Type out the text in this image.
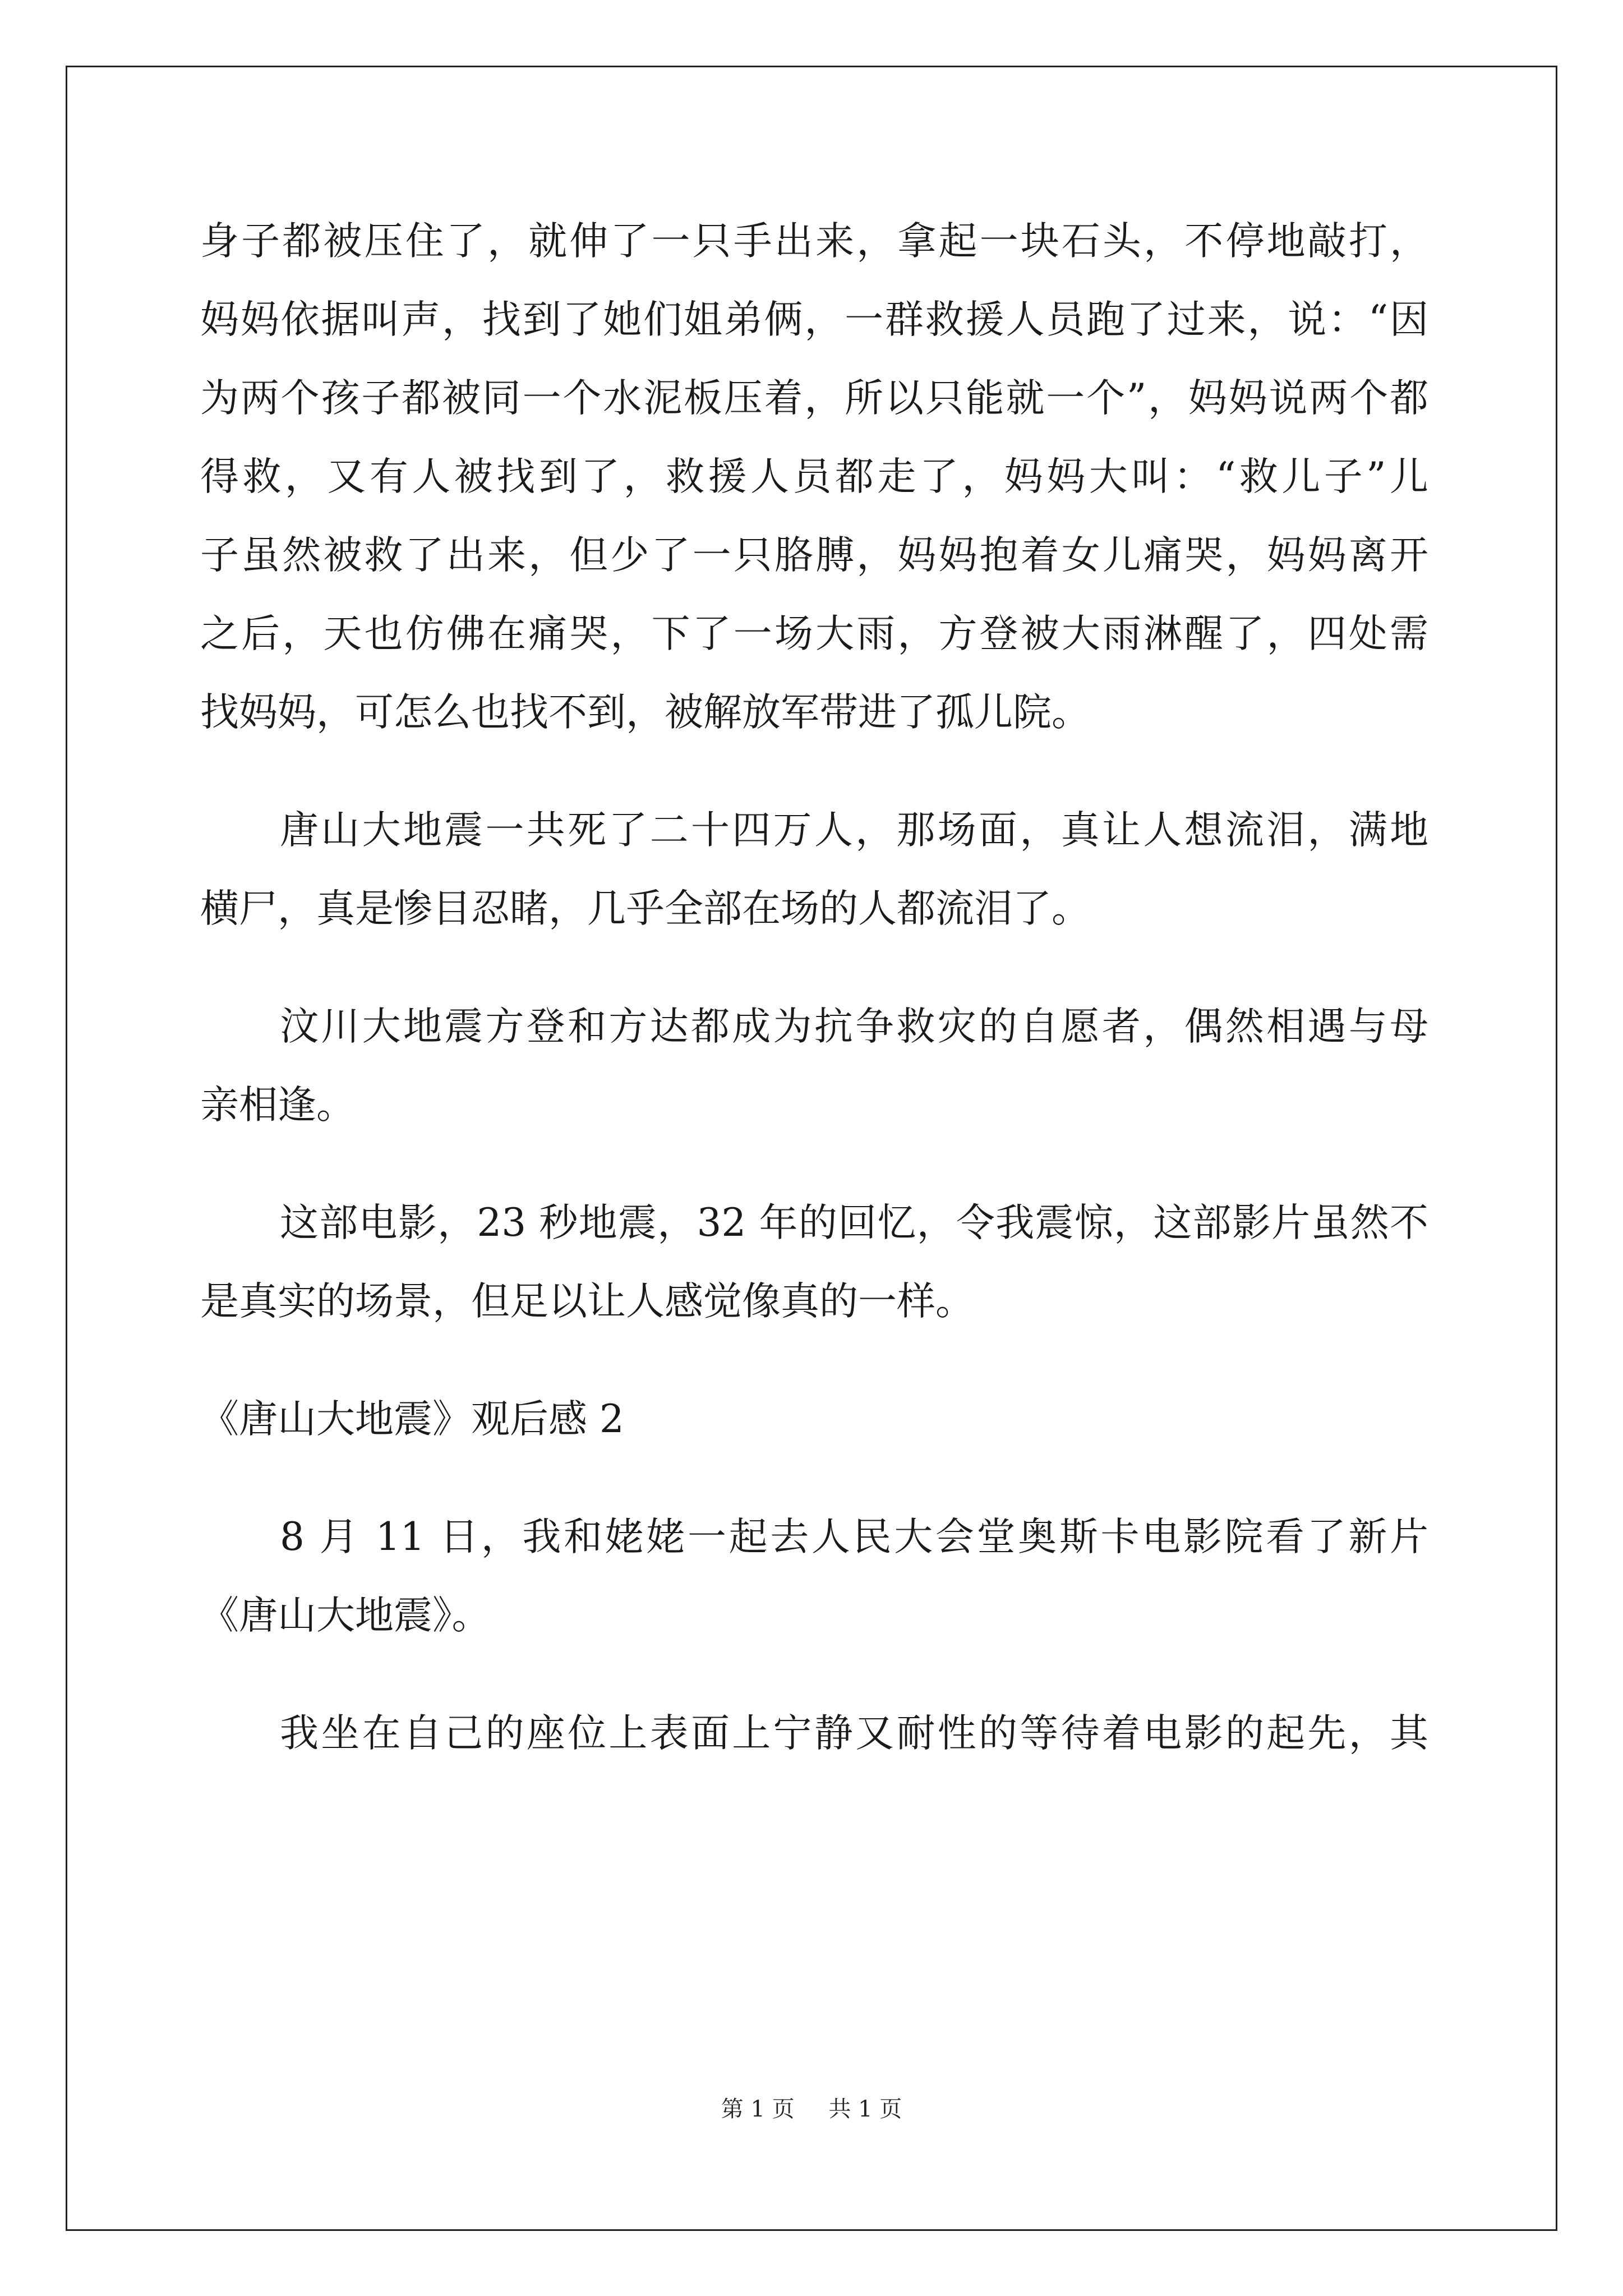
身子都被压住了，就伸了一只手出来，拿起一块石头，不停地敲打，
妈妈依据叫声，找到了她们姐弟俩，一群救援人员跑了过来，说：“因
为两个孩子都被同一个水泥板压着，所以只能就一个”，妈妈说两个都
得救，又有人被找到了，救援人员都走了，妈妈大叫：“救儿子”儿
子虽然被救了出来，但少了一只胳膊，妈妈抱着女儿痛哭，妈妈离开
之后，天也仿佛在痛哭，下了一场大雨，方登被大雨淋醒了，四处需
找妈妈，可怎么也找不到，被解放军带进了孤儿院。
唐山大地震一共死了二十四万人，那场面，真让人想流泪，满地
横尸，真是惨目忍睹，几乎全部在场的人都流泪了。
汶川大地震方登和方达都成为抗争救灾的自愿者，偶然相遇与母
亲相逢。
这部电影，23 秒地震，32 年的回忆，令我震惊，这部影片虽然不
是真实的场景，但足以让人感觉像真的一样。
《唐山大地震》观后感 2
8 月 11 日，我和姥姥一起去人民大会堂奥斯卡电影院看了新片
《唐山大地震》。
我坐在自己的座位上表面上宁静又耐性的等待着电影的起先，其
第 1 页 共 1 页
